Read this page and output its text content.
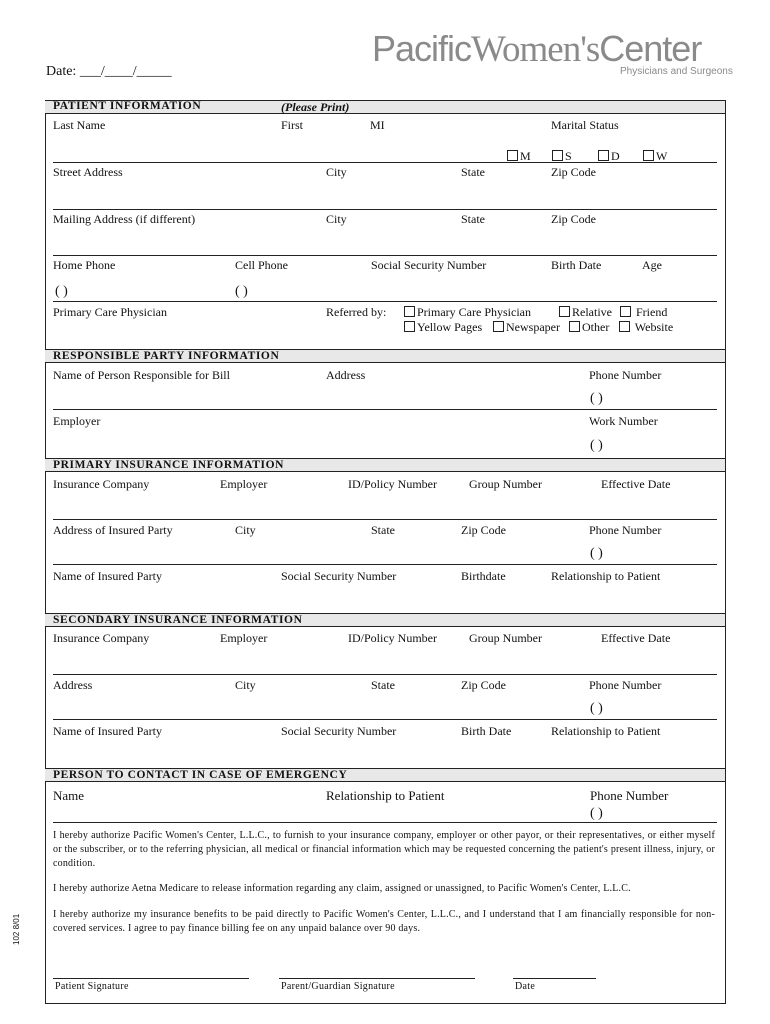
Date: ___/____/_____
PacificWomen'sCenter
Physicians and Surgeons
PATIENT INFORMATION	(Please Print)
Last Name	First	MI	Marital Status
M	S	D	W
Street Address	City	State	Zip Code
Mailing Address (if different)	City	State	Zip Code
Home Phone	Cell Phone	Social Security Number	Birth Date	Age
( )	( )
Primary Care Physician	Referred by:	Primary Care Physician	Relative	Friend
Yellow Pages	Newspaper	Other	Website
RESPONSIBLE PARTY INFORMATION
Name of Person Responsible for Bill	Address	Phone Number
( )
Employer	Work Number
( )
PRIMARY INSURANCE INFORMATION
Insurance Company	Employer	ID/Policy Number	Group Number	Effective Date
Address of Insured Party	City	State	Zip Code	Phone Number
( )
Name of Insured Party	Social Security Number	Birthdate	Relationship to Patient
SECONDARY INSURANCE INFORMATION
Insurance Company	Employer	ID/Policy Number	Group Number	Effective Date
Address	City	State	Zip Code	Phone Number
( )
Name of Insured Party	Social Security Number	Birth Date	Relationship to Patient
PERSON TO CONTACT IN CASE OF EMERGENCY
Name	Relationship to Patient	Phone Number
( )
I hereby authorize Pacific Women's Center, L.L.C., to furnish to your insurance company, employer or other payor, or their representatives, or either myself or the subscriber, or to the referring physician, all medical or financial information which may be requested concerning the patient's present illness, injury, or condition.
I hereby authorize Aetna Medicare to release information regarding any claim, assigned or unassigned, to Pacific Women's Center, L.L.C.
I hereby authorize my insurance benefits to be paid directly to Pacific Women's Center, L.L.C., and I understand that I am financially responsible for non-covered services. I agree to pay finance billing fee on any unpaid balance over 90 days.
Patient Signature	Parent/Guardian Signature	Date
102 8/01
